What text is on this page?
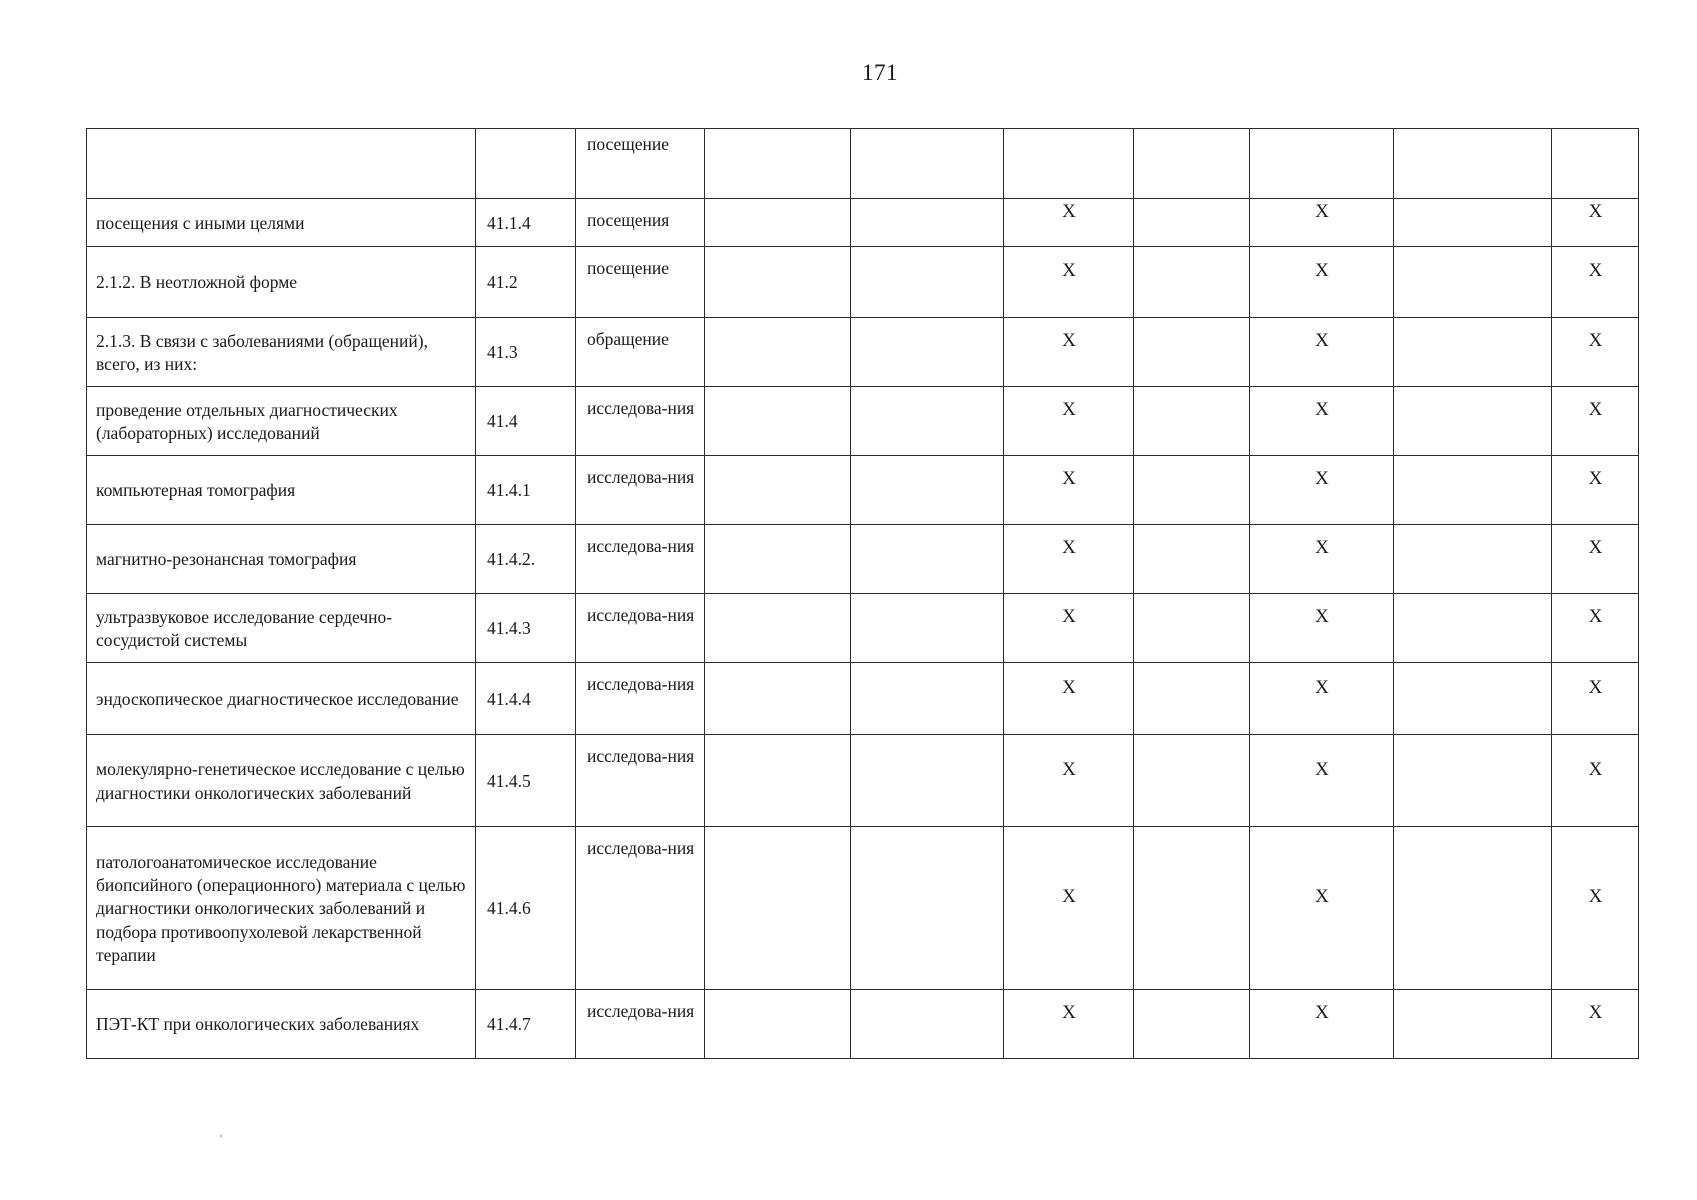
171
		посещение							
посещения с иными целями	41.1.4	посещения			X		X		X
2.1.2. В неотложной форме	41.2	посещение			X		X		X
2.1.3. В связи с заболеваниями (обращений), всего, из них:	41.3	обращение			X		X		X
проведение отдельных диагностических (лабораторных) исследований	41.4	исследова-ния			X		X		X
компьютерная томография	41.4.1	исследова-ния			X		X		X
магнитно-резонансная томография	41.4.2.	исследова-ния			X		X		X
ультразвуковое исследование сердечно-сосудистой системы	41.4.3	исследова-ния			X		X		X
эндоскопическое диагностическое исследование	41.4.4	исследова-ния			X		X		X
молекулярно-генетическое исследование с целью диагностики онкологических заболеваний	41.4.5	исследова-ния			X		X		X
патологоанатомическое исследование биопсийного (операционного) материала с целью диагностики онкологических заболеваний и подбора противоопухолевой лекарственной терапии	41.4.6	исследова-ния			X		X		X
ПЭТ-КТ при онкологических заболеваниях	41.4.7	исследова-ния			X		X		X
